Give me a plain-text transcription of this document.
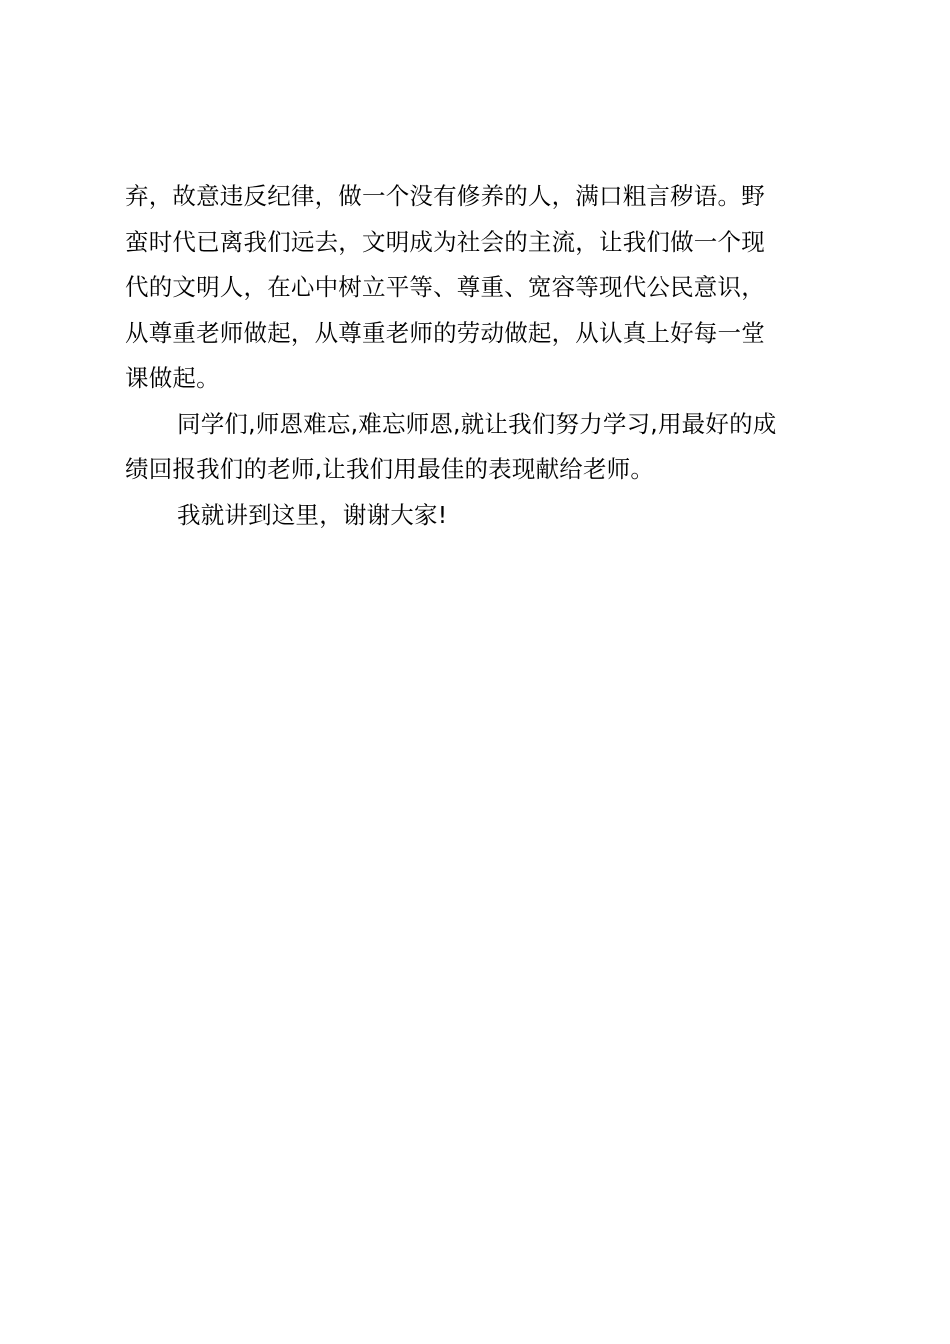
弃，故意违反纪律，做一个没有修养的人，满口粗言秽语。野
蛮时代已离我们远去，文明成为社会的主流，让我们做一个现
代的文明人，在心中树立平等、尊重、宽容等现代公民意识，
从尊重老师做起，从尊重老师的劳动做起，从认真上好每一堂
课做起。

同学们,师恩难忘,难忘师恩,就让我们努力学习,用最好的成
绩回报我们的老师,让我们用最佳的表现献给老师。

我就讲到这里，谢谢大家!
